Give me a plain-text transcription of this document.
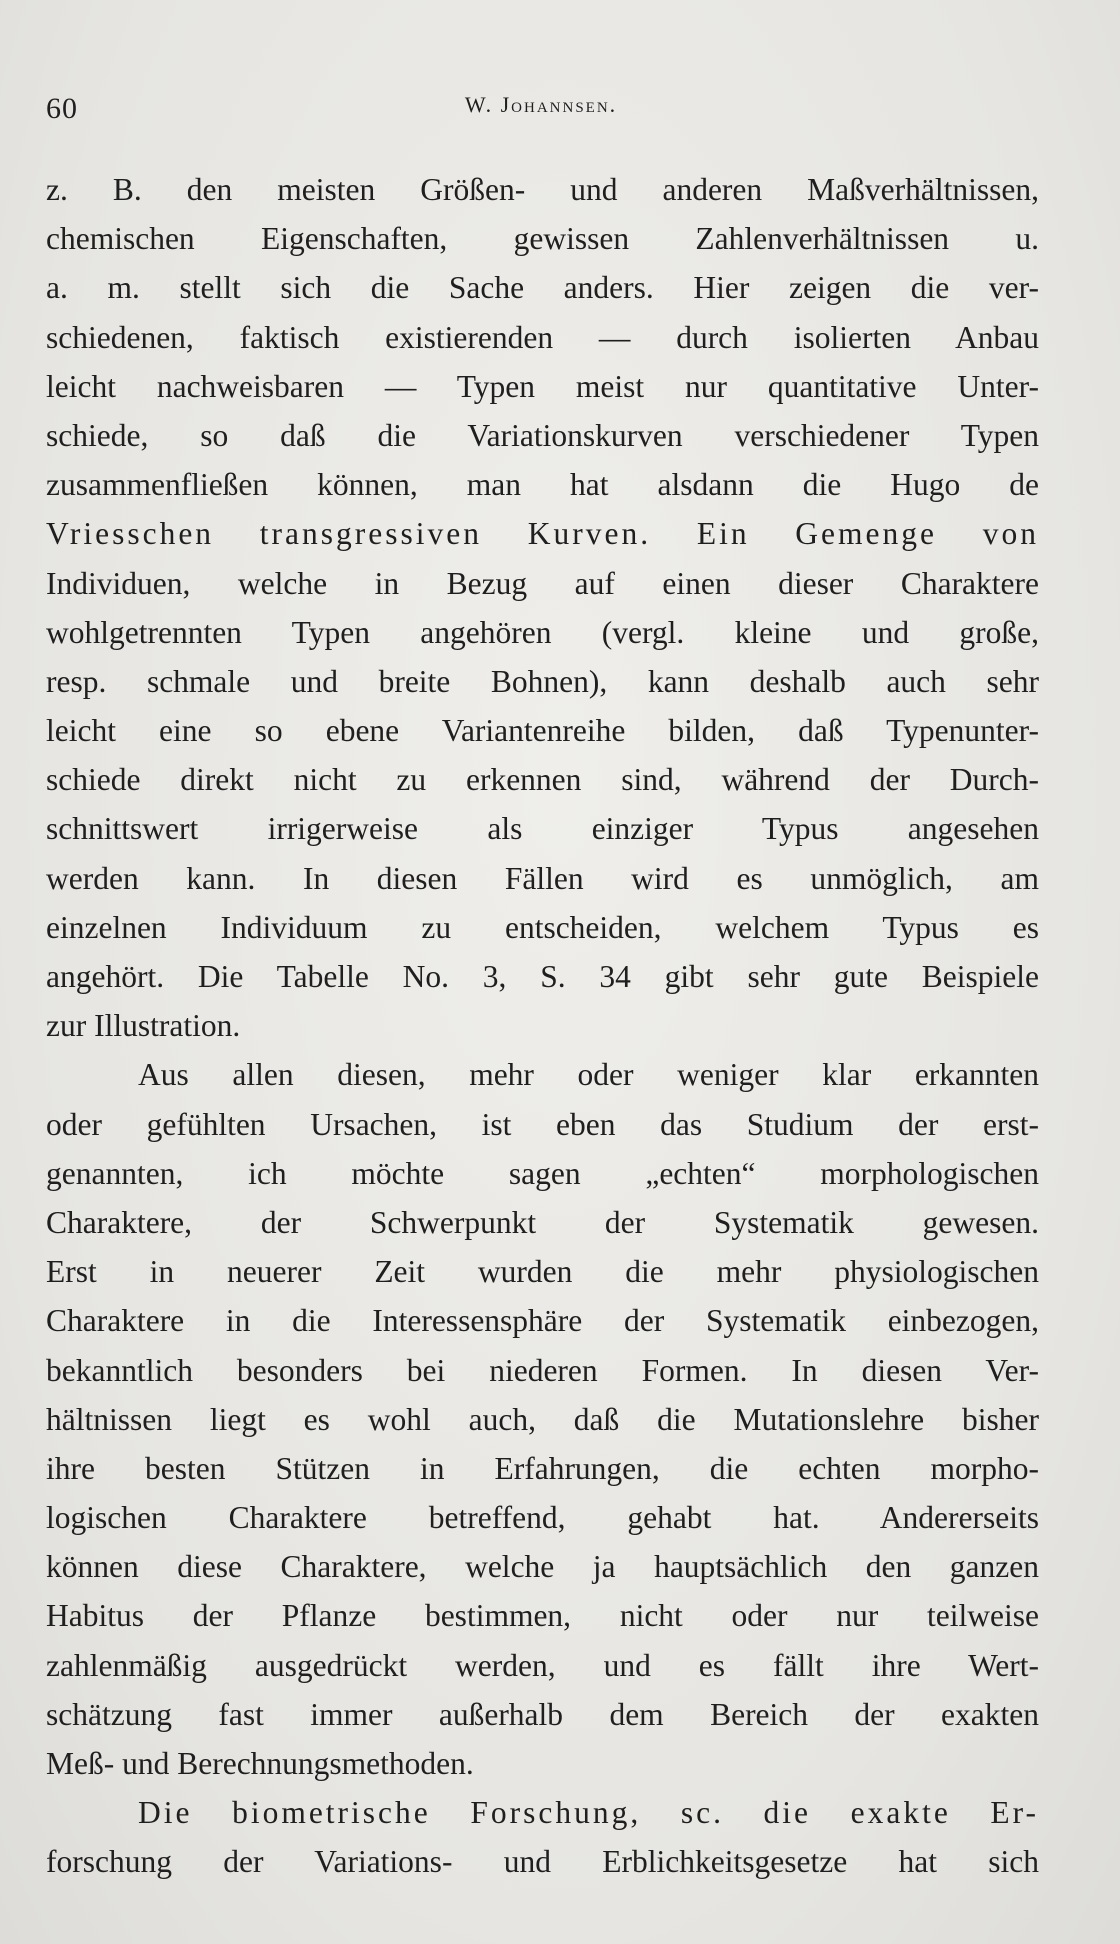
60	W. Johannsen.
z. B. den meisten Größen- und anderen Maßverhältnissen,
chemischen Eigenschaften, gewissen Zahlenverhältnissen u.
a. m. stellt sich die Sache anders. Hier zeigen die ver-
schiedenen, faktisch existierenden — durch isolierten Anbau
leicht nachweisbaren — Typen meist nur quantitative Unter-
schiede, so daß die Variationskurven verschiedener Typen
zusammenfließen können, man hat alsdann die Hugo de
Vriesschen transgressiven Kurven. Ein Gemenge von
Individuen, welche in Bezug auf einen dieser Charaktere
wohlgetrennten Typen angehören (vergl. kleine und große,
resp. schmale und breite Bohnen), kann deshalb auch sehr
leicht eine so ebene Variantenreihe bilden, daß Typenunter-
schiede direkt nicht zu erkennen sind, während der Durch-
schnittswert irrigerweise als einziger Typus angesehen
werden kann. In diesen Fällen wird es unmöglich, am
einzelnen Individuum zu entscheiden, welchem Typus es
angehört. Die Tabelle No. 3, S. 34 gibt sehr gute Beispiele
zur Illustration.
Aus allen diesen, mehr oder weniger klar erkannten
oder gefühlten Ursachen, ist eben das Studium der erst-
genannten, ich möchte sagen „echten“ morphologischen
Charaktere, der Schwerpunkt der Systematik gewesen.
Erst in neuerer Zeit wurden die mehr physiologischen
Charaktere in die Interessensphäre der Systematik einbezogen,
bekanntlich besonders bei niederen Formen. In diesen Ver-
hältnissen liegt es wohl auch, daß die Mutationslehre bisher
ihre besten Stützen in Erfahrungen, die echten morpho-
logischen Charaktere betreffend, gehabt hat. Andererseits
können diese Charaktere, welche ja hauptsächlich den ganzen
Habitus der Pflanze bestimmen, nicht oder nur teilweise
zahlenmäßig ausgedrückt werden, und es fällt ihre Wert-
schätzung fast immer außerhalb dem Bereich der exakten
Meß- und Berechnungsmethoden.
Die biometrische Forschung, sc. die exakte Er-
forschung der Variations- und Erblichkeitsgesetze hat sich
